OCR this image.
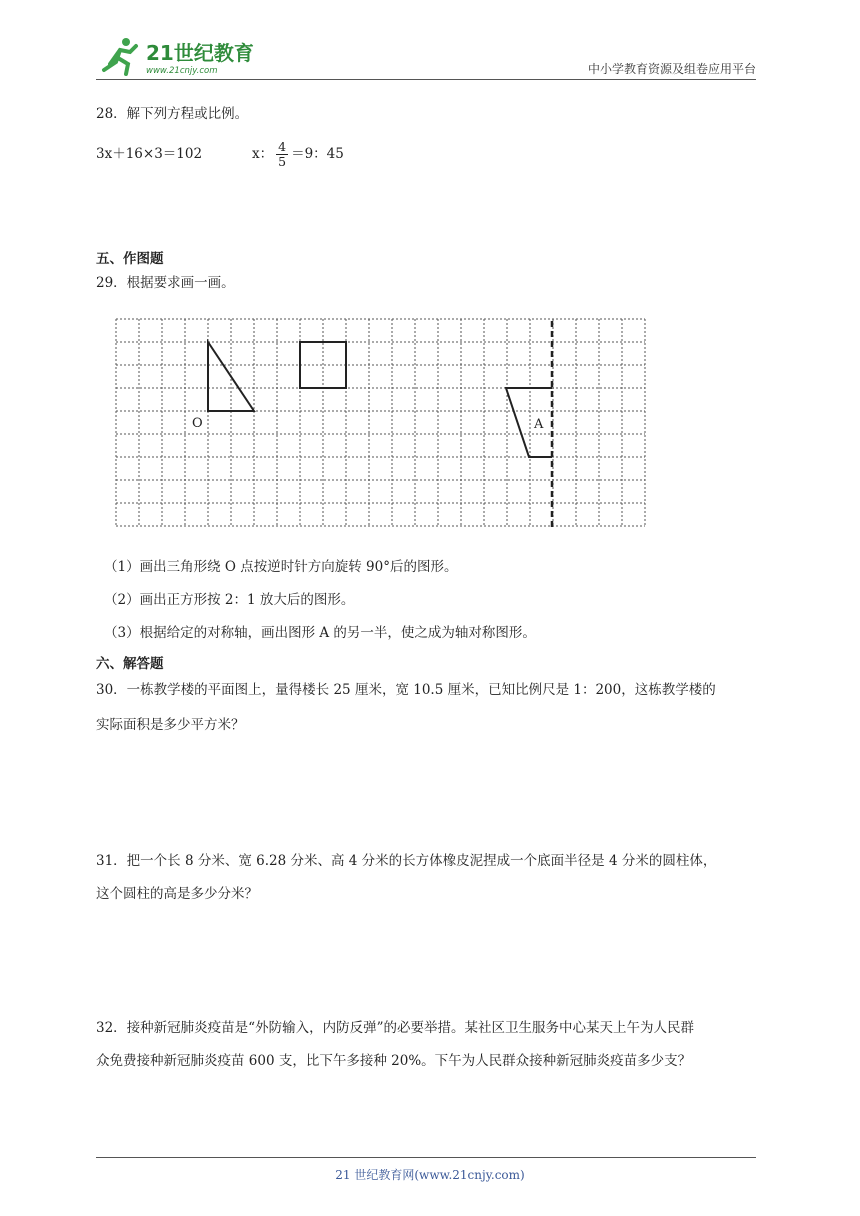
21世纪教育
www.21cnjy.com	中小学教育资源及组卷应用平台
28．解下列方程或比例。
3x＋16×3＝102	x： $\frac{4}{5} =9$：45
五、作图题
29．根据要求画一画。
O	A
（1）画出三角形绕 O 点按逆时针方向旋转 90°后的图形。
（2）画出正方形按 2：1 放大后的图形。
（3）根据给定的对称轴，画出图形 A 的另一半，使之成为轴对称图形。
六、解答题
30．一栋教学楼的平面图上，量得楼长 25 厘米，宽 10.5 厘米，已知比例尺是 1：200，这栋教学楼的
实际面积是多少平方米？
31．把一个长 8 分米、宽 6.28 分米、高 4 分米的长方体橡皮泥捏成一个底面半径是 4 分米的圆柱体，
这个圆柱的高是多少分米？
32．接种新冠肺炎疫苗是“外防输入，内防反弹”的必要举措。某社区卫生服务中心某天上午为人民群
众免费接种新冠肺炎疫苗 600 支，比下午多接种 20%。下午为人民群众接种新冠肺炎疫苗多少支？
21 世纪教育网(www.21cnjy.com)
